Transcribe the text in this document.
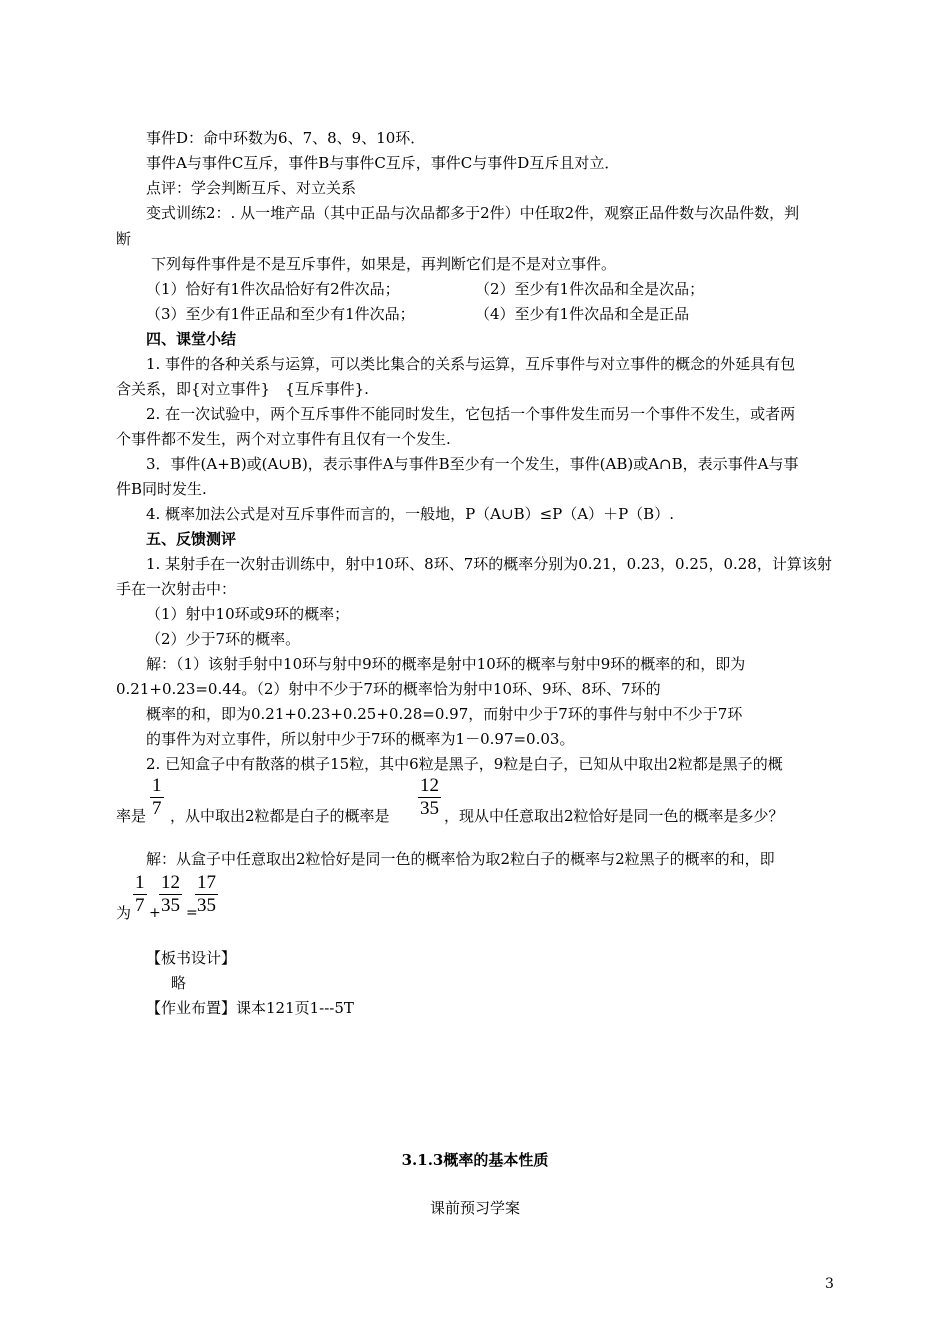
事件D：命中环数为6、7、8、9、10环．
事件A与事件C互斥，事件B与事件C互斥，事件C与事件D互斥且对立．
点评：学会判断互斥、对立关系
变式训练2：. 从一堆产品（其中正品与次品都多于2件）中任取2件，观察正品件数与次品件数，判
断
下列每件事件是不是互斥事件，如果是，再判断它们是不是对立事件。
（1）恰好有1件次品恰好有2件次品；	（2）至少有1件次品和全是次品；
（3）至少有1件正品和至少有1件次品；	（4）至少有1件次品和全是正品
四、课堂小结
1. 事件的各种关系与运算，可以类比集合的关系与运算，互斥事件与对立事件的概念的外延具有包
含关系，即{对立事件}　{互斥事件}.
2. 在一次试验中，两个互斥事件不能同时发生，它包括一个事件发生而另一个事件不发生，或者两
个事件都不发生，两个对立事件有且仅有一个发生.
3．事件(A+B)或(A∪B)，表示事件A与事件B至少有一个发生，事件(AB)或A∩B，表示事件A与事
件B同时发生.
4. 概率加法公式是对互斥事件而言的，一般地，P（A∪B）≤P（A）＋P（B）.
五、反馈测评
1. 某射手在一次射击训练中，射中10环、8环、7环的概率分别为0.21，0.23，0.25，0.28，计算该射
手在一次射击中：
（1）射中10环或9环的概率；
（2）少于7环的概率。
解：（1）该射手射中10环与射中9环的概率是射中10环的概率与射中9环的概率的和，即为
0.21+0.23=0.44。（2）射中不少于7环的概率恰为射中10环、9环、8环、7环的
概率的和，即为0.21+0.23+0.25+0.28=0.97，而射中少于7环的事件与射中不少于7环
的事件为对立事件，所以射中少于7环的概率为1－0.97=0.03。
2. 已知盒子中有散落的棋子15粒，其中6粒是黑子，9粒是白子，已知从中取出2粒都是黑子的概
1
7
率是 ，从中取出2粒都是白子的概率是
12
35 ，现从中任意取出2粒恰好是同一色的概率是多少？
解：从盒子中任意取出2粒恰好是同一色的概率恰为取2粒白子的概率与2粒黑子的概率的和，即
1
7
为 +
12
35 =
17
35
【板书设计】
略
【作业布置】课本121页1---5T
3.1.3概率的基本性质
课前预习学案
3
